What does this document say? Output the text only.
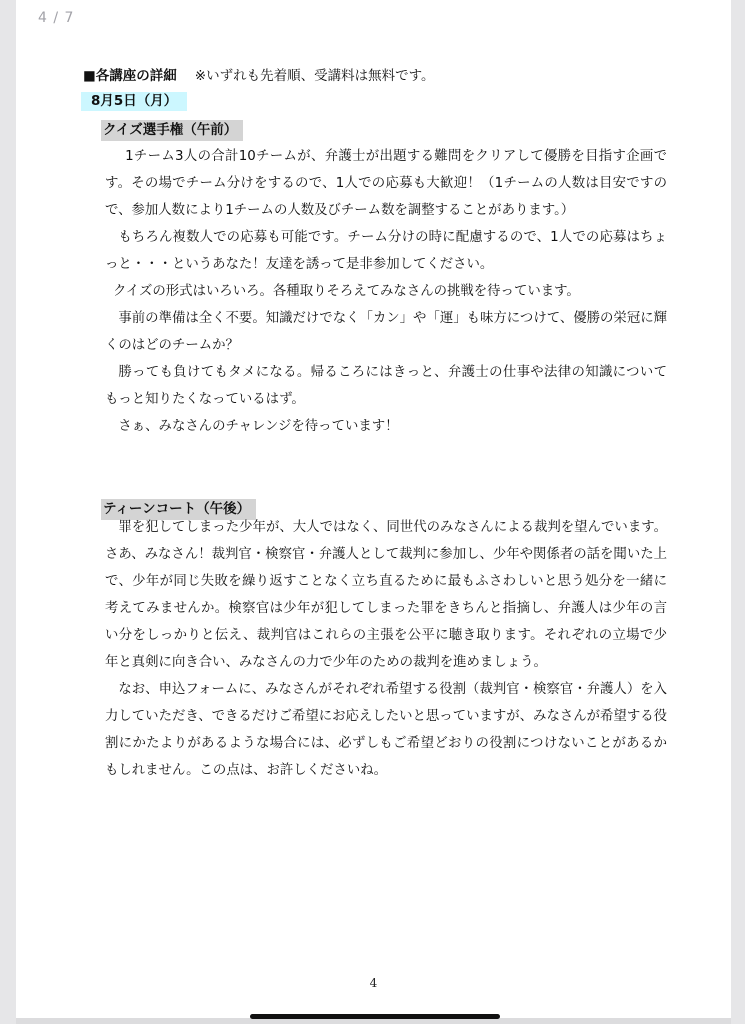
4 / 7
■各講座の詳細 ※いずれも先着順、受講料は無料です。
8月5日（月）
クイズ選手権（午前）

1チーム3人の合計10チームが、弁護士が出題する難問をクリアして優勝を目指す企画です。その場でチーム分けをするので、1人での応募も大歓迎！（1チームの人数は目安ですので、参加人数により1チームの人数及びチーム数を調整することがあります。）

もちろん複数人での応募も可能です。チーム分けの時に配慮するので、1人での応募はちょっと・・・というあなた！友達を誘って是非参加してください。

クイズの形式はいろいろ。各種取りそろえてみなさんの挑戦を待っています。

事前の準備は全く不要。知識だけでなく「カン」や「運」も味方につけて、優勝の栄冠に輝くのはどのチームか？

勝っても負けてもタメになる。帰るころにはきっと、弁護士の仕事や法律の知識についてもっと知りたくなっているはず。

さぁ、みなさんのチャレンジを待っています！

ティーンコート（午後）

罪を犯してしまった少年が、大人ではなく、同世代のみなさんによる裁判を望んでいます。さあ、みなさん！裁判官・検察官・弁護人として裁判に参加し、少年や関係者の話を聞いた上で、少年が同じ失敗を繰り返すことなく立ち直るために最もふさわしいと思う処分を一緒に考えてみませんか。検察官は少年が犯してしまった罪をきちんと指摘し、弁護人は少年の言い分をしっかりと伝え、裁判官はこれらの主張を公平に聴き取ります。それぞれの立場で少年と真剣に向き合い、みなさんの力で少年のための裁判を進めましょう。

なお、申込フォームに、みなさんがそれぞれ希望する役割（裁判官・検察官・弁護人）を入力していただき、できるだけご希望にお応えしたいと思っていますが、みなさんが希望する役割にかたよりがあるような場合には、必ずしもご希望どおりの役割につけないことがあるかもしれません。この点は、お許しくださいね。

4
